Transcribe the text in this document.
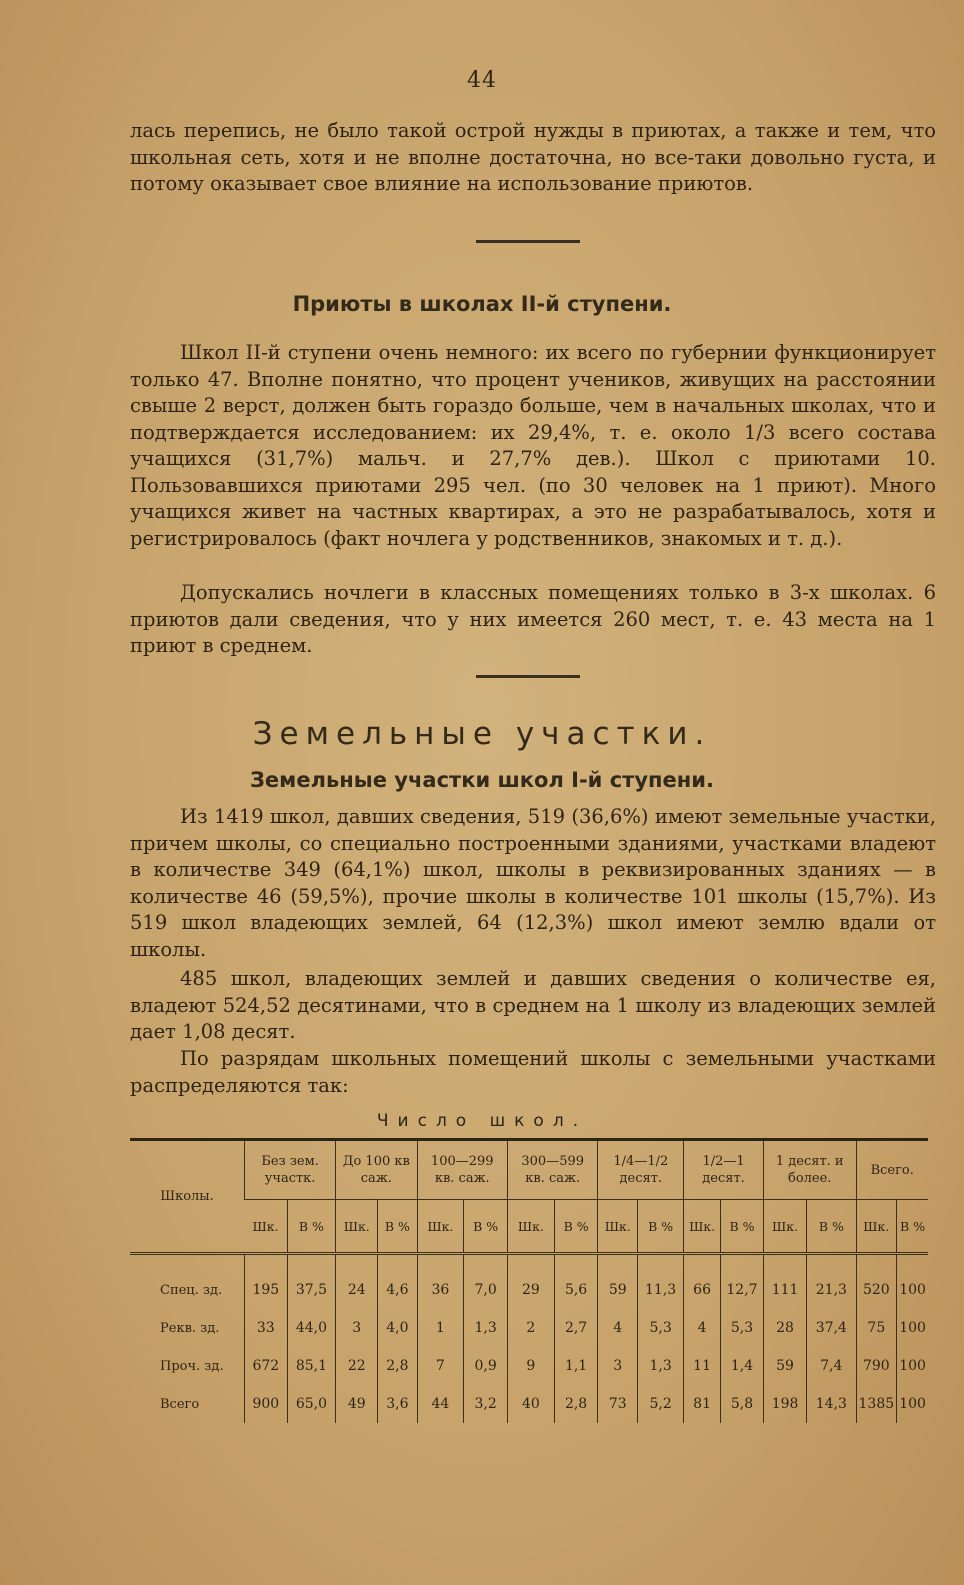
44
лась перепись, не было такой острой нужды в приютах, а также и тем, что школьная сеть, хотя и не вполне достаточна, но все-таки довольно густа, и потому оказывает свое влияние на использование приютов.
Приюты в школах II-й ступени.
Школ II-й ступени очень немного: их всего по губернии функционирует только 47. Вполне понятно, что процент учеников, живущих на расстоянии свыше 2 верст, должен быть гораздо больше, чем в начальных школах, что и подтверждается исследованием: их 29,4%, т. е. около 1/3 всего состава учащихся (31,7%) мальч. и 27,7% дев.). Школ с приютами 10. Пользовавшихся приютами 295 чел. (по 30 человек на 1 приют). Много учащихся живет на частных квартирах, а это не разрабатывалось, хотя и регистрировалось (факт ночлега у родственников, знакомых и т. д.).
Допускались ночлеги в классных помещениях только в 3-х школах. 6 приютов дали сведения, что у них имеется 260 мест, т. е. 43 места на 1 приют в среднем.
Земельные участки.
Земельные участки школ I-й ступени.
Из 1419 школ, давших сведения, 519 (36,6%) имеют земельные участки, причем школы, со специально построенными зданиями, участками владеют в количестве 349 (64,1%) школ, школы в реквизированных зданиях — в количестве 46 (59,5%), прочие школы в количестве 101 школы (15,7%). Из 519 школ владеющих землей, 64 (12,3%) школ имеют землю вдали от школы.
485 школ, владеющих землей и давших сведения о количестве ея, владеют 524,52 десятинами, что в среднем на 1 школу из владеющих землей дает 1,08 десят.
По разрядам школьных помещений школы с земельными участками распределяются так:
Число школ.
Школы.	Без зем. участк.		До 100 кв саж.		100—299 кв. саж.		300—599 кв. саж.		1/4—1/2 десят.		1/2—1 десят.		1 десят. и более.		Всего.	
	Шк.	В %	Шк.	В %	Шк.	В %	Шк.	В %	Шк.	В %	Шк.	В %	Шк.	В %	Шк.	В %
Спец. зд.	195	37,5	24	4,6	36	7,0	29	5,6	59	11,3	66	12,7	111	21,3	520	100
Рекв. зд.	33	44,0	3	4,0	1	1,3	2	2,7	4	5,3	4	5,3	28	37,4	75	100
Проч. зд.	672	85,1	22	2,8	7	0,9	9	1,1	3	1,3	11	1,4	59	7,4	790	100
Всего	900	65,0	49	3,6	44	3,2	40	2,8	73	5,2	81	5,8	198	14,3	1385	100
